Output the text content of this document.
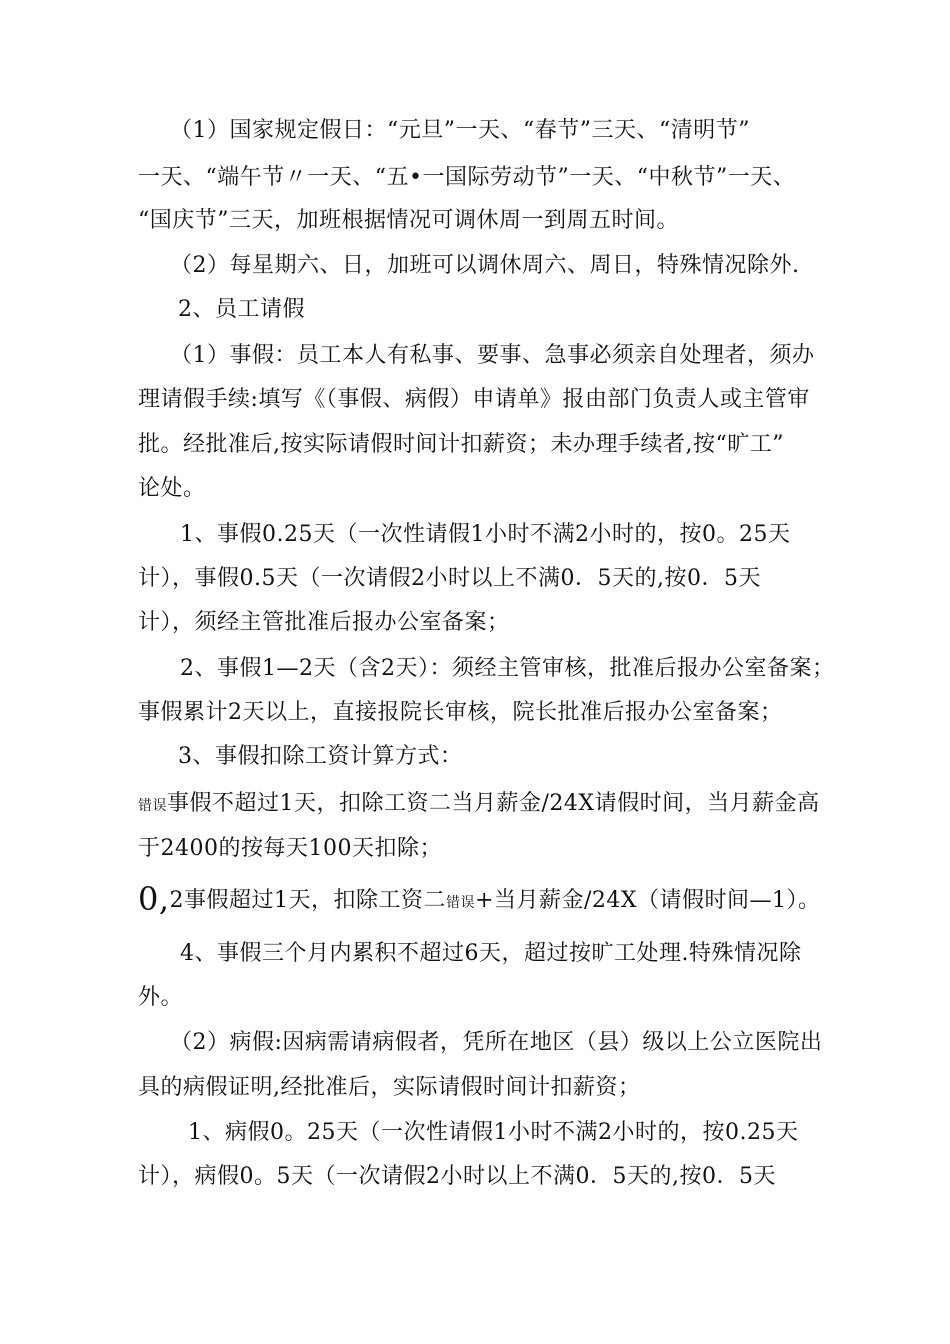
（1）国家规定假日：“元旦”一天、“春节”三天、“清明节”
一天、“端午节〃一天、“五•一国际劳动节”一天、“中秋节”一天、
“国庆节”三天，加班根据情况可调休周一到周五时间。
（2）每星期六、日，加班可以调休周六、周日，特殊情况除外.
2、员工请假
（1）事假：员工本人有私事、要事、急事必须亲自处理者，须办
理请假手续:填写《（事假、病假）申请单》报由部门负责人或主管审
批。经批准后,按实际请假时间计扣薪资；未办理手续者,按“旷工”
论处。
1、事假0.25天（一次性请假1小时不满2小时的，按0。25天
计），事假0.5天（一次请假2小时以上不满0．5天的,按0．5天
计），须经主管批准后报办公室备案；
2、事假1—2天（含2天）：须经主管审核，批准后报办公室备案；
事假累计2天以上，直接报院长审核，院长批准后报办公室备案；
3、事假扣除工资计算方式：
错误事假不超过1天，扣除工资二当月薪金/24X请假时间，当月薪金高
于2400的按每天100天扣除；
0,2事假超过1天，扣除工资二错误+当月薪金/24X（请假时间—1）。
4、事假三个月内累积不超过6天，超过按旷工处理.特殊情况除
外。
（2）病假:因病需请病假者，凭所在地区（县）级以上公立医院出
具的病假证明,经批准后，实际请假时间计扣薪资；
1、病假0。25天（一次性请假1小时不满2小时的，按0.25天
计），病假0。5天（一次请假2小时以上不满0．5天的,按0．5天
